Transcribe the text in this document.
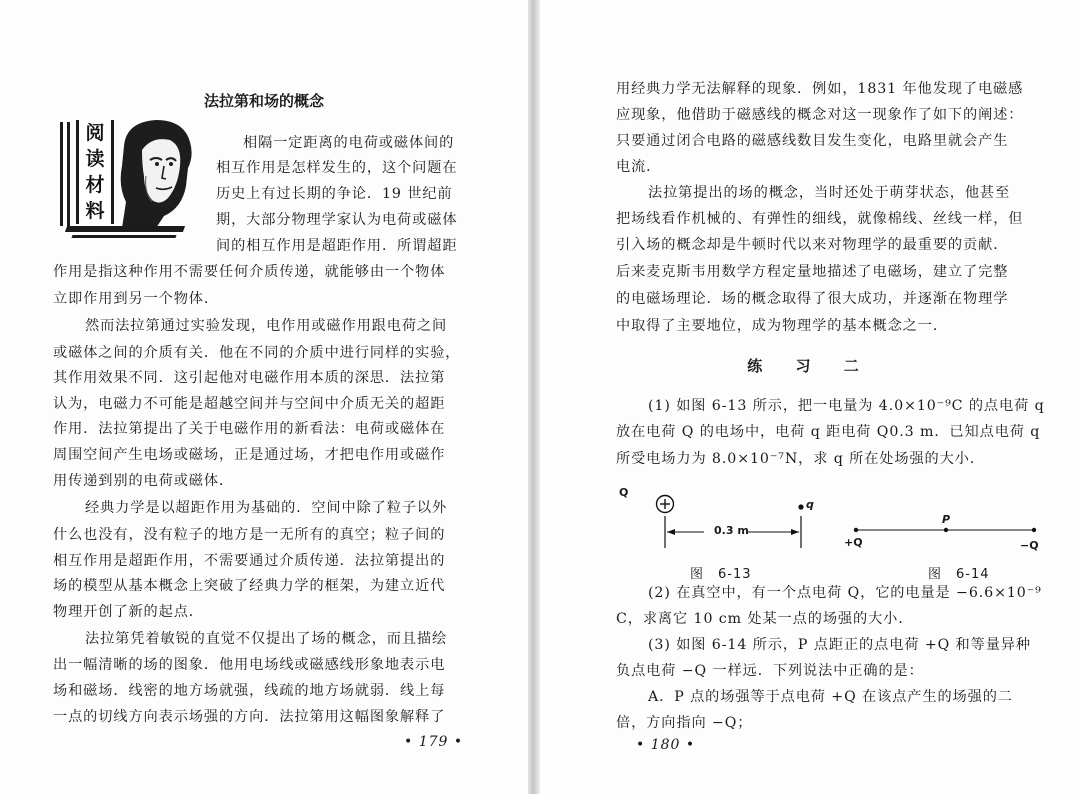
法拉第和场的概念

阅
读
材
料

相隔一定距离的电荷或磁体间的

相互作用是怎样发生的，这个问题在

历史上有过长期的争论．19 世纪前

期，大部分物理学家认为电荷或磁体

间的相互作用是超距作用．所谓超距

作用是指这种作用不需要任何介质传递，就能够由一个物体

立即作用到另一个物体．

然而法拉第通过实验发现，电作用或磁作用跟电荷之间

或磁体之间的介质有关．他在不同的介质中进行同样的实验，

其作用效果不同．这引起他对电磁作用本质的深思．法拉第

认为，电磁力不可能是超越空间并与空间中介质无关的超距

作用．法拉第提出了关于电磁作用的新看法：电荷或磁体在

周围空间产生电场或磁场，正是通过场，才把电作用或磁作

用传递到别的电荷或磁体．

经典力学是以超距作用为基础的．空间中除了粒子以外

什么也没有，没有粒子的地方是一无所有的真空；粒子间的

相互作用是超距作用，不需要通过介质传递．法拉第提出的

场的模型从基本概念上突破了经典力学的框架，为建立近代

物理开创了新的起点．

法拉第凭着敏锐的直觉不仅提出了场的概念，而且描绘

出一幅清晰的场的图象．他用电场线或磁感线形象地表示电

场和磁场．线密的地方场就强，线疏的地方场就弱．线上每

一点的切线方向表示场强的方向．法拉第用这幅图象解释了

• 179 •

用经典力学无法解释的现象．例如，1831 年他发现了电磁感

应现象，他借助于磁感线的概念对这一现象作了如下的阐述：

只要通过闭合电路的磁感线数目发生变化，电路里就会产生

电流．

法拉第提出的场的概念，当时还处于萌芽状态，他甚至

把场线看作机械的、有弹性的细线，就像棉线、丝线一样，但

引入场的概念却是牛顿时代以来对物理学的最重要的贡献．

后来麦克斯韦用数学方程定量地描述了电磁场，建立了完整

的电磁场理论．场的概念取得了很大成功，并逐渐在物理学

中取得了主要地位，成为物理学的基本概念之一．

练 习 二

(1) 如图 6-13 所示，把一电量为 4.0×10⁻⁹C 的点电荷 q

放在电荷 Q 的电场中，电荷 q 距电荷 Q0.3 m．已知点电荷 q

所受电场力为 8.0×10⁻⁷N，求 q 所在处场强的大小．

Q

q

0.3 m

图　6-13

P

+Q	−Q

图　6-14

(2) 在真空中，有一个点电荷 Q，它的电量是 −6.6×10⁻⁹

C，求离它 10 cm 处某一点的场强的大小．

(3) 如图 6-14 所示，P 点距正的点电荷 +Q 和等量异种

负点电荷 −Q 一样远．下列说法中正确的是：

A．P 点的场强等于点电荷 +Q 在该点产生的场强的二

倍，方向指向 −Q；

• 180 •
